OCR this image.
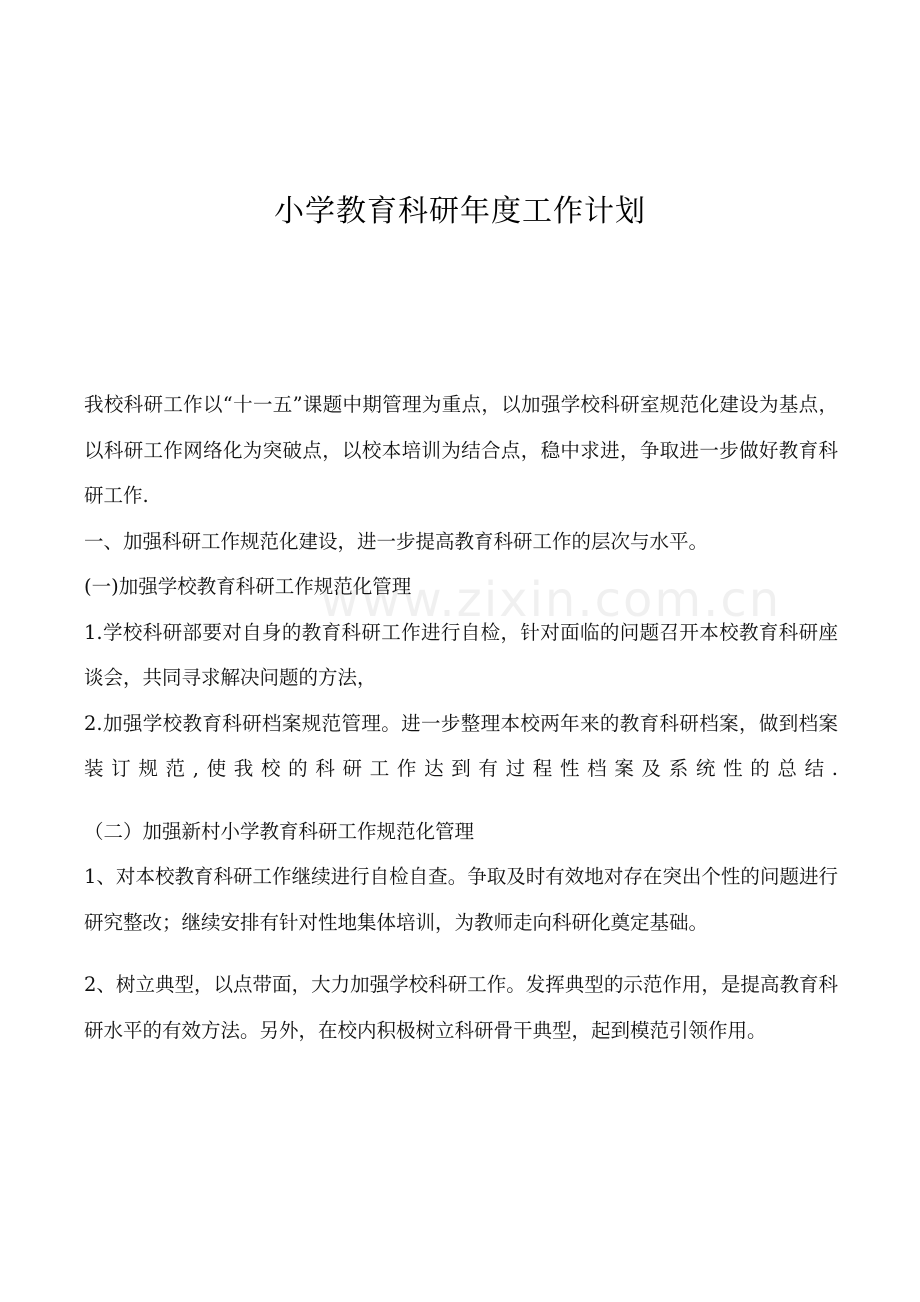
小学教育科研年度工作计划
www.zixin.com.cn

我校科研工作以“十一五”课题中期管理为重点，以加强学校科研室规范化建设为基点，以科研工作网络化为突破点，以校本培训为结合点，稳中求进，争取进一步做好教育科研工作.

一、加强科研工作规范化建设，进一步提高教育科研工作的层次与水平。

(一)加强学校教育科研工作规范化管理

1.学校科研部要对自身的教育科研工作进行自检，针对面临的问题召开本校教育科研座谈会，共同寻求解决问题的方法，

2.加强学校教育科研档案规范管理。进一步整理本校两年来的教育科研档案，做到档案装订规范,使我校的科研工作达到有过程性档案及系统性的总结.

（二）加强新村小学教育科研工作规范化管理

1、对本校教育科研工作继续进行自检自查。争取及时有效地对存在突出个性的问题进行研究整改；继续安排有针对性地集体培训，为教师走向科研化奠定基础。

2、树立典型，以点带面，大力加强学校科研工作。发挥典型的示范作用，是提高教育科研水平的有效方法。另外，在校内积极树立科研骨干典型，起到模范引领作用。
